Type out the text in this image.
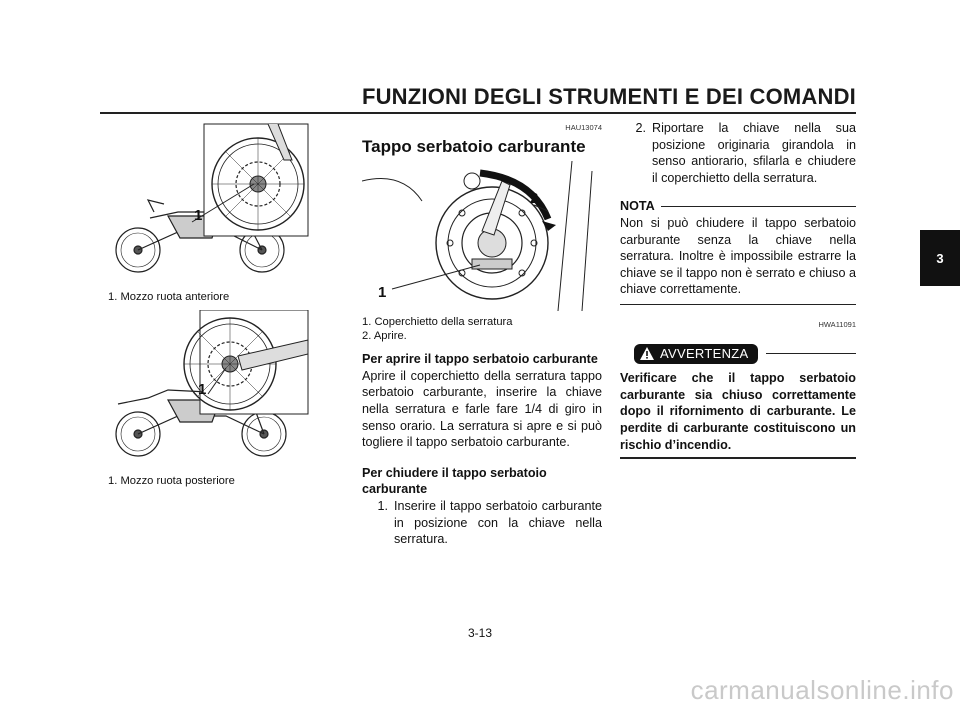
FUNZIONI DEGLI STRUMENTI E DEI COMANDI
3
1
1. Mozzo ruota anteriore
1
1. Mozzo ruota posteriore
HAU13074
Tappo serbatoio carburante
1
2
1. Coperchietto della serratura
2. Aprire.
Per aprire il tappo serbatoio carburante
Aprire il coperchietto della serratura tappo serbatoio carburante, inserire la chiave nella serratura e farle fare 1/4 di giro in senso orario. La serratura si apre e si può togliere il tappo serbatoio carburante.
Per chiudere il tappo serbatoio carburante
1. Inserire il tappo serbatoio carburante in posizione con la chiave nella serratura.
2. Riportare la chiave nella sua posizione originaria girandola in senso antiorario, sfilarla e chiudere il coperchietto della serratura.
NOTA
Non si può chiudere il tappo serbatoio carburante senza la chiave nella serratura. Inoltre è impossibile estrarre la chiave se il tappo non è serrato e chiuso a chiave correttamente.
HWA11091
AVVERTENZA
Verificare che il tappo serbatoio carburante sia chiuso correttamente dopo il rifornimento di carburante. Le perdite di carburante costituiscono un rischio d’incendio.
3-13
carmanualsonline.info
